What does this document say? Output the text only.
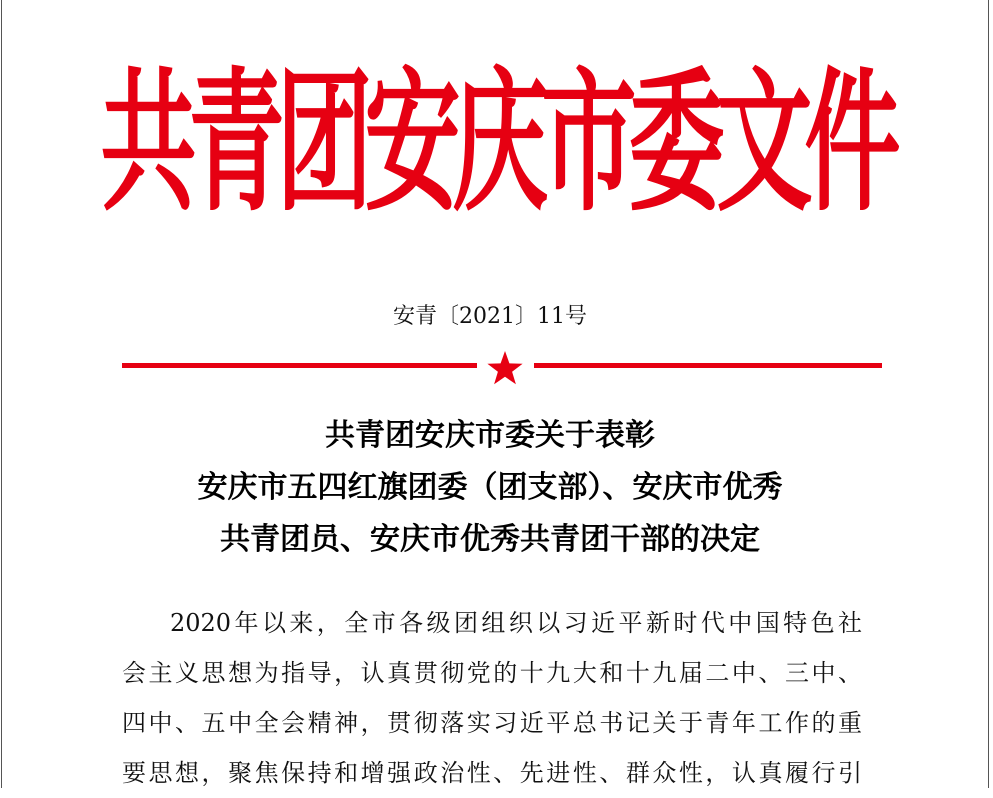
共青团安庆市委文件
安青〔2021〕11号
共青团安庆市委关于表彰
安庆市五四红旗团委（团支部）、安庆市优秀
共青团员、安庆市优秀共青团干部的决定
2020年以来，全市各级团组织以习近平新时代中国特色社
会主义思想为指导，认真贯彻党的十九大和十九届二中、三中、
四中、五中全会精神，贯彻落实习近平总书记关于青年工作的重
要思想，聚焦保持和增强政治性、先进性、群众性，认真履行引
